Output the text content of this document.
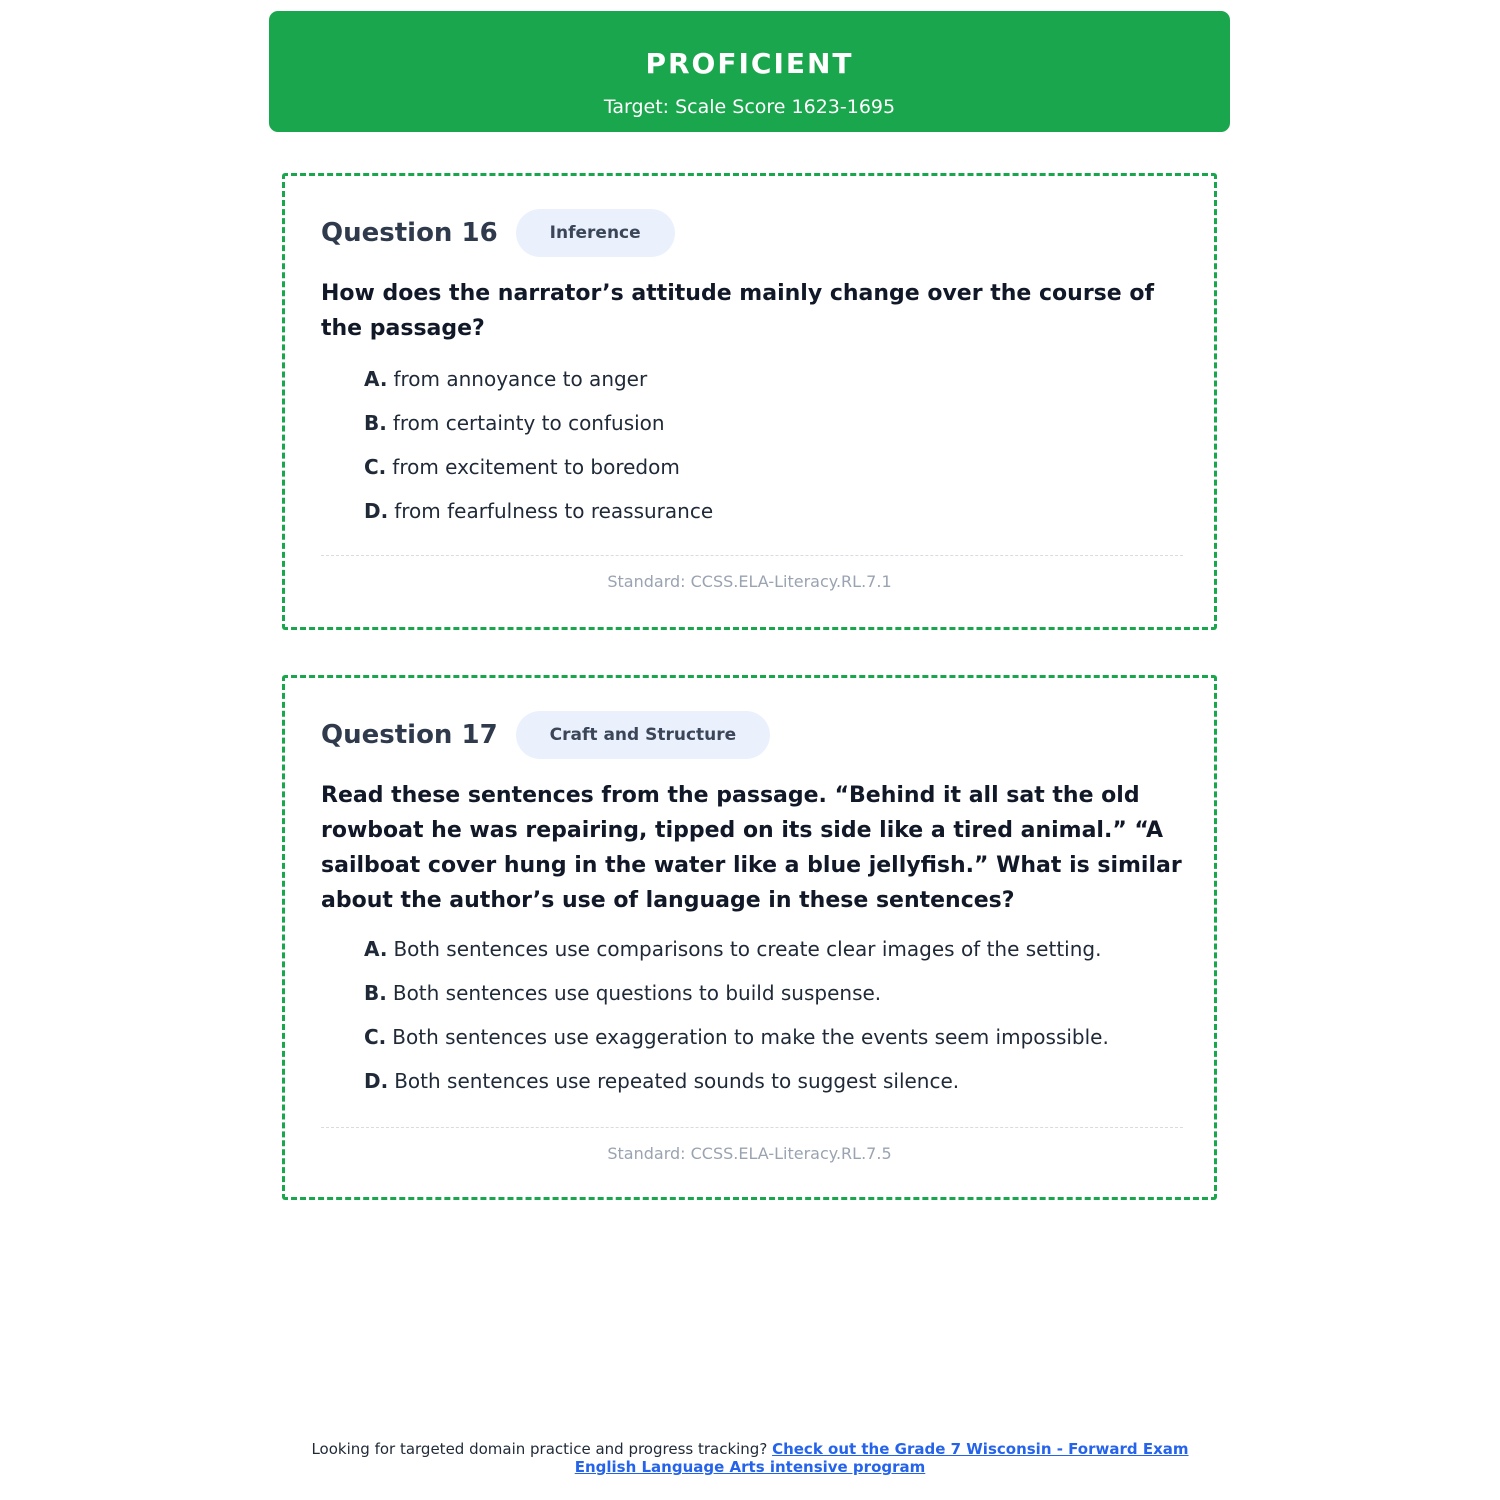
PROFICIENT
Target: Scale Score 1623-1695
Question 16	Inference
How does the narrator’s attitude mainly change over the course of the passage?
A. from annoyance to anger
B. from certainty to confusion
C. from excitement to boredom
D. from fearfulness to reassurance
Standard: CCSS.ELA-Literacy.RL.7.1
Question 17	Craft and Structure
Read these sentences from the passage. “Behind it all sat the old rowboat he was repairing, tipped on its side like a tired animal.” “A sailboat cover hung in the water like a blue jellyfish.” What is similar about the author’s use of language in these sentences?
A. Both sentences use comparisons to create clear images of the setting.
B. Both sentences use questions to build suspense.
C. Both sentences use exaggeration to make the events seem impossible.
D. Both sentences use repeated sounds to suggest silence.
Standard: CCSS.ELA-Literacy.RL.7.5
Looking for targeted domain practice and progress tracking? Check out the Grade 7 Wisconsin - Forward Exam English Language Arts intensive program
